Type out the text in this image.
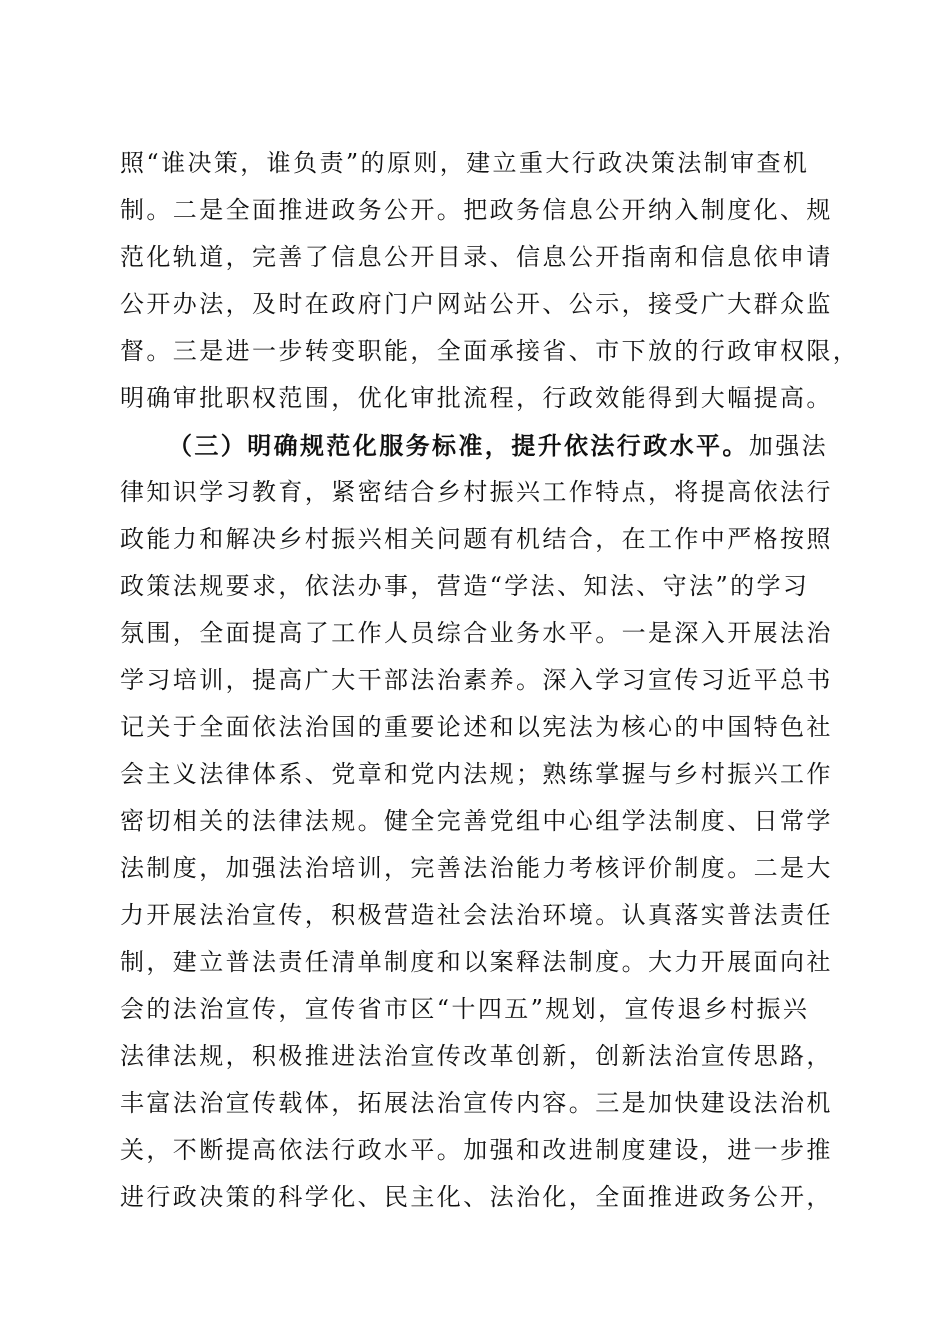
照“谁决策，谁负责”的原则，建立重大行政决策法制审查机
制。二是全面推进政务公开。把政务信息公开纳入制度化、规
范化轨道，完善了信息公开目录、信息公开指南和信息依申请
公开办法，及时在政府门户网站公开、公示，接受广大群众监
督。三是进一步转变职能，全面承接省、市下放的行政审权限，
明确审批职权范围，优化审批流程，行政效能得到大幅提高。
（三）明确规范化服务标准，提升依法行政水平。加强法
律知识学习教育，紧密结合乡村振兴工作特点，将提高依法行
政能力和解决乡村振兴相关问题有机结合，在工作中严格按照
政策法规要求，依法办事，营造“学法、知法、守法”的学习
氛围，全面提高了工作人员综合业务水平。一是深入开展法治
学习培训，提高广大干部法治素养。深入学习宣传习近平总书
记关于全面依法治国的重要论述和以宪法为核心的中国特色社
会主义法律体系、党章和党内法规；熟练掌握与乡村振兴工作
密切相关的法律法规。健全完善党组中心组学法制度、日常学
法制度，加强法治培训，完善法治能力考核评价制度。二是大
力开展法治宣传，积极营造社会法治环境。认真落实普法责任
制，建立普法责任清单制度和以案释法制度。大力开展面向社
会的法治宣传，宣传省市区“十四五”规划，宣传退乡村振兴
法律法规，积极推进法治宣传改革创新，创新法治宣传思路，
丰富法治宣传载体，拓展法治宣传内容。三是加快建设法治机
关，不断提高依法行政水平。加强和改进制度建设，进一步推
进行政决策的科学化、民主化、法治化，全面推进政务公开，
